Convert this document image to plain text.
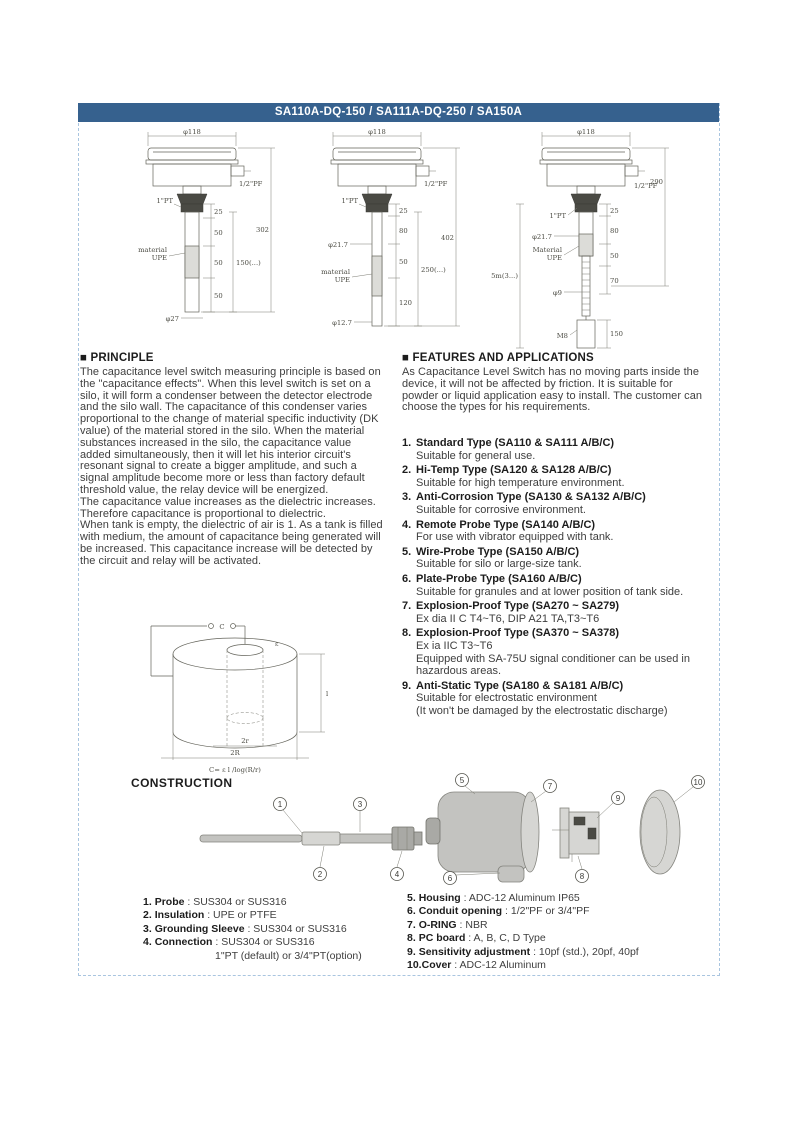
SA110A-DQ-150 / SA111A-DQ-250 / SA150A
φ118
1/2"PF
1"PT
material
UPE
φ27
25
50
50
50
150(...)
302
φ118
1/2"PF
1"PT
φ21.7
material
UPE
φ12.7
25
80
50
120
250(...)
402
φ118
1/2"PF
1"PT
φ21.7
Material
UPE
φ9
M8
5m(3...)
25
80
50
70
150
290
■ PRINCIPLE

The capacitance level switch measuring principle is based on the "capacitance effects". When this level switch is set on a silo, it will form a condenser between the detector electrode and the silo wall. The capacitance of this condenser varies proportional to the change of material specific inductivity (DK value) of the material stored in the silo. When the material substances increased in the silo, the capacitance value added simultaneously, then it will let his interior circuit's resonant signal to create a bigger amplitude, and such a signal amplitude become more or less than factory default threshold value, the relay device will be energized.

The capacitance value increases as the dielectric increases. Therefore capacitance is proportional to dielectric.

When tank is empty, the dielectric of air is 1. As a tank is filled with medium, the amount of capacitance being generated will be increased. This capacitance increase will be detected by the circuit and relay will be activated.

■ FEATURES AND APPLICATIONS
As Capacitance Level Switch has no moving parts inside the device, it will not be affected by friction. It is suitable for powder or liquid application easy to install. The customer can choose the types for his requirements.
1. Standard Type (SA110 & SA111 A/B/C)
Suitable for general use.
2. Hi-Temp Type (SA120 & SA128 A/B/C)
Suitable for high temperature environment.
3. Anti-Corrosion Type (SA130 & SA132 A/B/C)
Suitable for corrosive environment.
4. Remote Probe Type (SA140 A/B/C)
For use with vibrator equipped with tank.
5. Wire-Probe Type (SA150 A/B/C)
Suitable for silo or large-size tank.
6. Plate-Probe Type (SA160 A/B/C)
Suitable for granules and at lower position of tank side.
7. Explosion-Proof Type (SA270 ~ SA279)
Ex dia II C T4~T6, DIP A21 TA,T3~T6
8. Explosion-Proof Type (SA370 ~ SA378)
Ex ia IIC T3~T6
Equipped with SA-75U signal conditioner can be used in hazardous areas.
9. Anti-Static Type (SA180 & SA181 A/B/C)
Suitable for electrostatic environment
(It won't be damaged by the electrostatic discharge)
C
ε
l
2r
2R
C= ε l /log(R/r)
CONSTRUCTION
1	3
2	4
5
7
9
10
8
6
1. Probe : SUS304 or SUS316
2. Insulation : UPE or PTFE
3. Grounding Sleeve : SUS304 or SUS316
4. Connection : SUS304 or SUS316
1"PT (default) or 3/4"PT(option)
5. Housing : ADC-12 Aluminum IP65
6. Conduit opening : 1/2"PF or 3/4"PF
7. O-RING : NBR
8. PC board : A, B, C, D Type
9. Sensitivity adjustment : 10pf (std.), 20pf, 40pf
10.Cover : ADC-12 Aluminum
